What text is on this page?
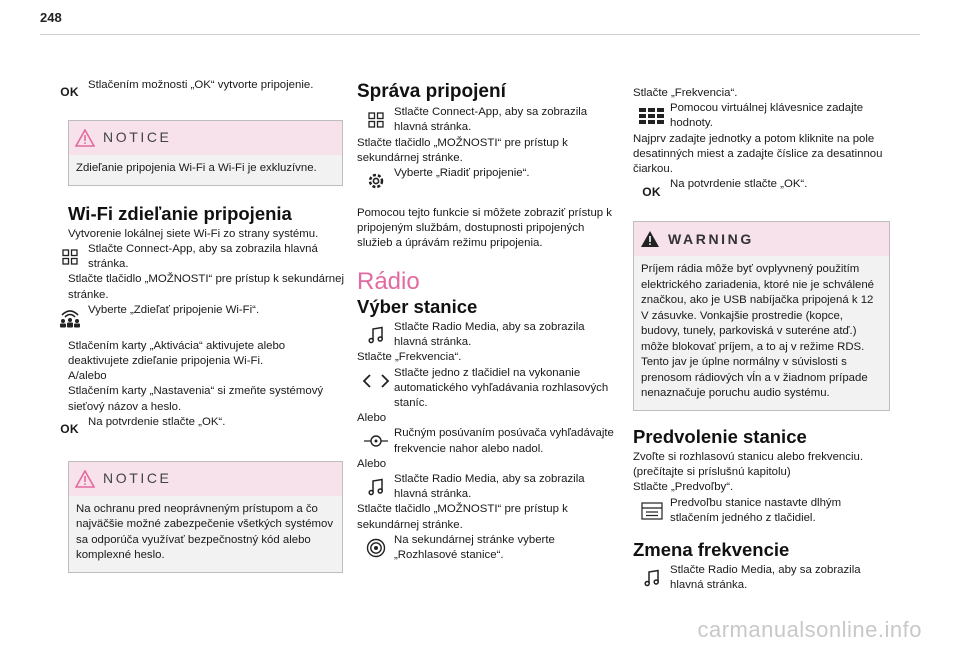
248
OK
Stlačením možnosti „OK“ vytvorte pripojenie.
NOTICE
Zdieľanie pripojenia Wi-Fi a Wi-Fi je exkluzívne.
Wi-Fi zdieľanie pripojenia

Vytvorenie lokálnej siete Wi-Fi zo strany systému.

Stlačte Connect-App, aby sa zobrazila hlavná stránka.

Stlačte tlačidlo „MOŽNOSTI“ pre prístup k sekundárnej stránke.

Vyberte „Zdieľať pripojenie Wi-Fi“.

Stlačením karty „Aktivácia“ aktivujete alebo deaktivujete zdieľanie pripojenia Wi-Fi.

A/alebo

Stlačením karty „Nastavenia“ si zmeňte systémový sieťový názov a heslo.

OK
Na potvrdenie stlačte „OK“.
NOTICE
Na ochranu pred neoprávneným prístupom a čo najväčšie možné zabezpečenie všetkých systémov sa odporúča využívať bezpečnostný kód alebo komplexné heslo.
Správa pripojení
Stlačte Connect-App, aby sa zobrazila hlavná stránka.

Stlačte tlačidlo „MOŽNOSTI“ pre prístup k sekundárnej stránke.

Vyberte „Riadiť pripojenie“.

Pomocou tejto funkcie si môžete zobraziť prístup k pripojeným službám, dostupnosti pripojených služieb a úprávám režimu pripojenia.

Rádio
Výber stanice
Stlačte Radio Media, aby sa zobrazila hlavná stránka.

Stlačte „Frekvencia“.

Stlačte jedno z tlačidiel na vykonanie automatického vyhľadávania rozhlasových staníc.

Alebo

Ručným posúvaním posúvača vyhľadávajte frekvencie nahor alebo nadol.

Alebo

Stlačte Radio Media, aby sa zobrazila hlavná stránka.

Stlačte tlačidlo „MOŽNOSTI“ pre prístup k sekundárnej stránke.

Na sekundárnej stránke vyberte „Rozhlasové stanice“.

Stlačte „Frekvencia“.

Pomocou virtuálnej klávesnice zadajte hodnoty.

Najprv zadajte jednotky a potom kliknite na pole desatinných miest a zadajte číslice za desatinnou čiarkou.

OK
Na potvrdenie stlačte „OK“.
WARNING
Príjem rádia môže byť ovplyvnený použitím elektrického zariadenia, ktoré nie je schválené značkou, ako je USB nabíjačka pripojená k 12 V zásuvke. Vonkajšie prostredie (kopce, budovy, tunely, parkoviská v suteréne atď.) môže blokovať príjem, a to aj v režime RDS. Tento jav je úplne normálny v súvislosti s prenosom rádiových vĺn a v žiadnom prípade nenaznačuje poruchu audio systému.
Predvolenie stanice

Zvoľte si rozhlasovú stanicu alebo frekvenciu. (prečítajte si príslušnú kapitolu)

Stlačte „Predvoľby“.

Predvoľbu stanice nastavte dlhým stlačením jedného z tlačidiel.
Zmena frekvencie
Stlačte Radio Media, aby sa zobrazila hlavná stránka.
carmanualsonline.info
